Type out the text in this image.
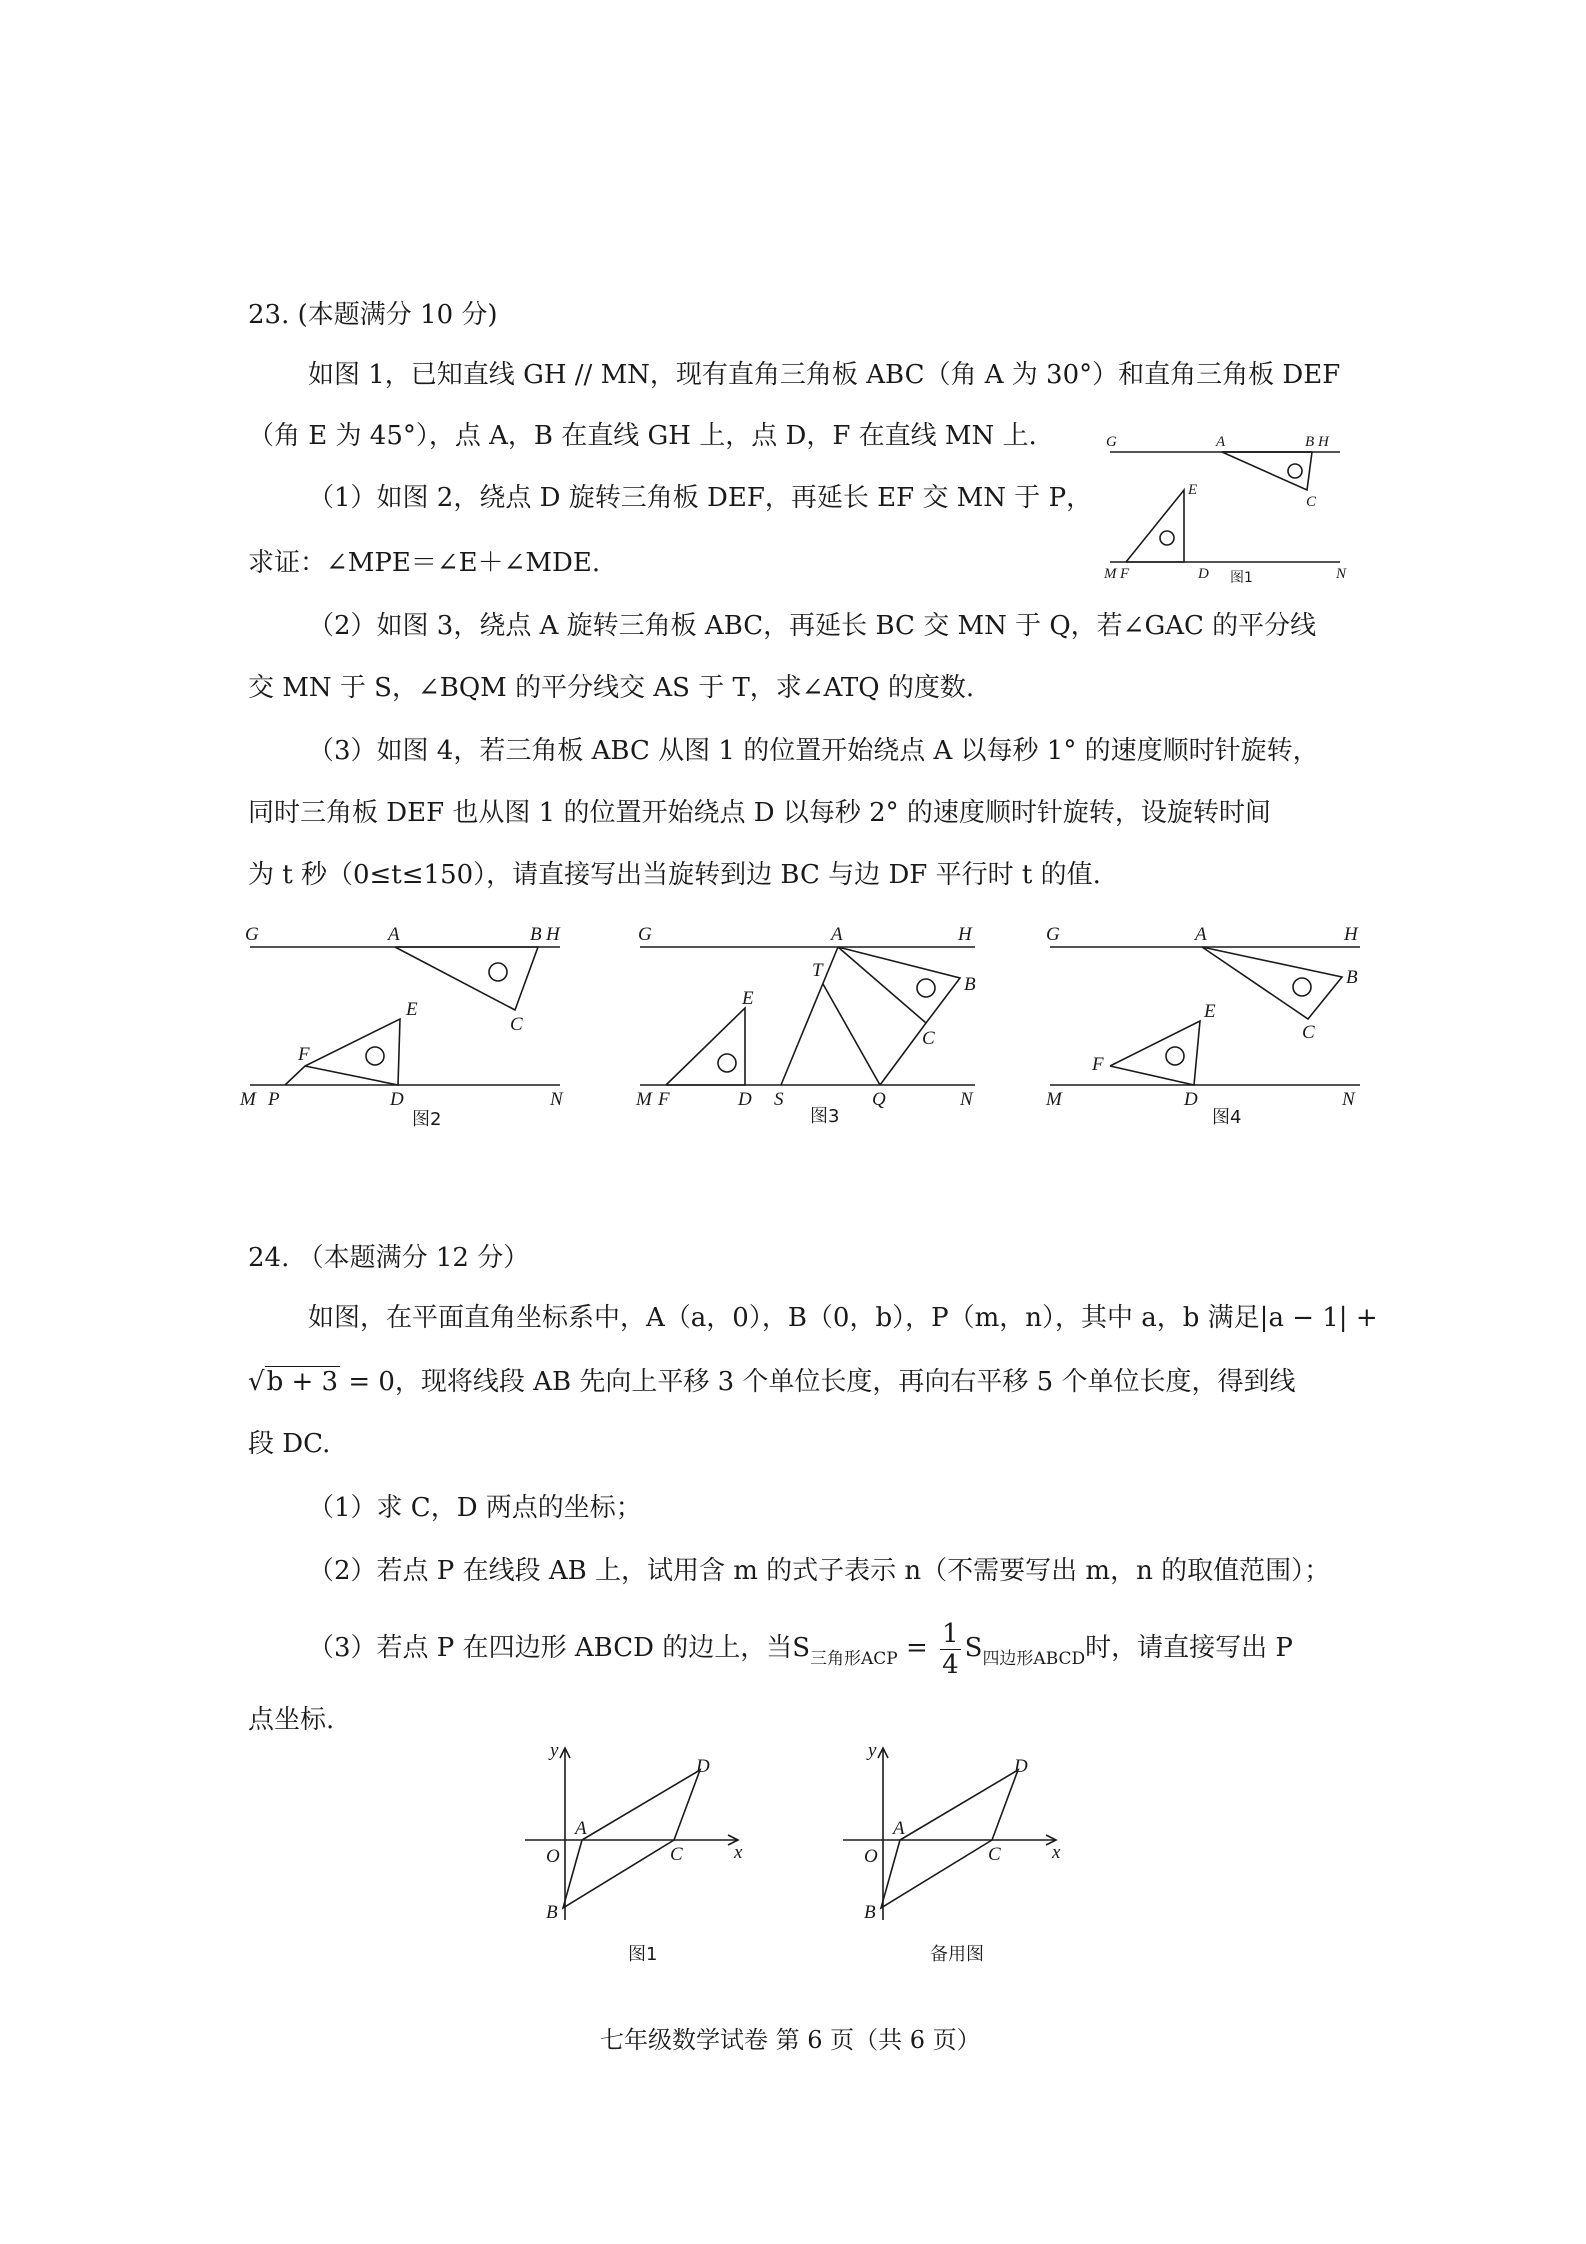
23. (本题满分 10 分)
如图 1，已知直线 GH // MN，现有直角三角板 ABC（角 A 为 30°）和直角三角板 DEF
（角 E 为 45°），点 A，B 在直线 GH 上，点 D，F 在直线 MN 上.
（1）如图 2，绕点 D 旋转三角板 DEF，再延长 EF 交 MN 于 P，
求证：∠MPE＝∠E＋∠MDE.
（2）如图 3，绕点 A 旋转三角板 ABC，再延长 BC 交 MN 于 Q，若∠GAC 的平分线
交 MN 于 S，∠BQM 的平分线交 AS 于 T，求∠ATQ 的度数.
（3）如图 4，若三角板 ABC 从图 1 的位置开始绕点 A 以每秒 1° 的速度顺时针旋转，
同时三角板 DEF 也从图 1 的位置开始绕点 D 以每秒 2° 的速度顺时针旋转，设旋转时间
为 t 秒（0≤t≤150），请直接写出当旋转到边 BC 与边 DF 平行时 t 的值.
G	A	B H
C
E
M F	D	N
图1
G	A	B H
C
E
F
M P	D	N
图2
G	A	H
T
B
C
E
M F	D S	Q	N
图3
G	A	H
B
C
E
F
M	D	N
图4
24. （本题满分 12 分）
如图，在平面直角坐标系中，A（a，0），B（0，b），P（m，n），其中 a，b 满足|a − 1| +
√b + 3 = 0，现将线段 AB 先向上平移 3 个单位长度，再向右平移 5 个单位长度，得到线
段 DC.
（1）求 C，D 两点的坐标；
（2）若点 P 在线段 AB 上，试用含 m 的式子表示 n（不需要写出 m，n 的取值范围）；
（3）若点 P 在四边形 ABCD 的边上，当$S_{三角形ACP} = \frac{1}{4} S_{四边形ABCD}$时，请直接写出 P
点坐标.
y
x
O
A
B
C
D
图1
y
x
O
A
B
C
D
备用图
七年级数学试卷 第 6 页（共 6 页）
